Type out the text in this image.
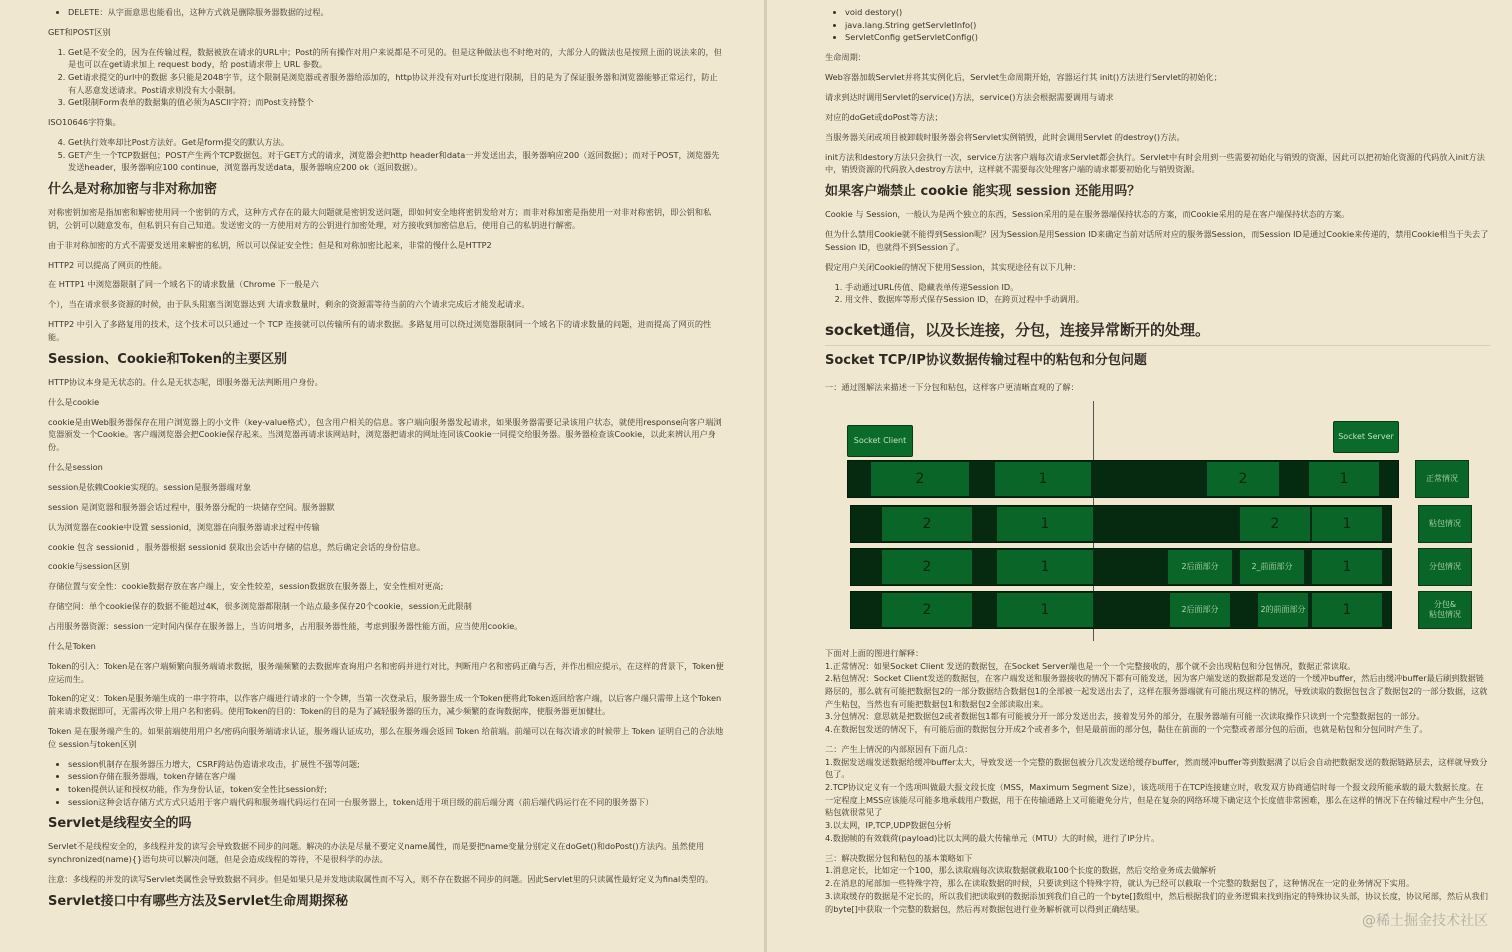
• DELETE：从字面意思也能看出，这种方式就是删除服务器数据的过程。

GET和POST区别

1. Get是不安全的，因为在传输过程，数据被放在请求的URL中；Post的所有操作对用户来说都是不可见的。但是这种做法也不时绝对的，大部分人的做法也是按照上面的说法来的，但是也可以在get请求加上 request body，给 post请求带上 URL 参数。
2. Get请求提交的url中的数据 多只能是2048字节，这个限制是浏览器或者服务器给添加的，http协议并没有对url长度进行限制，目的是为了保证服务器和浏览器能够正常运行，防止有人恶意发送请求。Post请求则没有大小限制。
3. Get限制Form表单的数据集的值必须为ASCII字符；而Post支持整个

ISO10646字符集。

4. Get执行效率却比Post方法好。Get是form提交的默认方法。
5. GET产生一个TCP数据包；POST产生两个TCP数据包。对于GET方式的请求，浏览器会把http header和data一并发送出去，服务器响应200（返回数据）；而对于POST，浏览器先发送header，服务器响应100 continue，浏览器再发送data，服务器响应200 ok（返回数据）。
什么是对称加密与非对称加密

对称密钥加密是指加密和解密使用同一个密钥的方式，这种方式存在的最大问题就是密钥发送问题，即如何安全地将密钥发给对方；而非对称加密是指使用一对非对称密钥，即公钥和私钥，公钥可以随意发布，但私钥只有自己知道。发送密文的一方使用对方的公钥进行加密处理，对方接收到加密信息后，使用自己的私钥进行解密。

由于非对称加密的方式不需要发送用来解密的私钥，所以可以保证安全性；但是和对称加密比起来，非常的慢什么是HTTP2

HTTP2 可以提高了网页的性能。

在 HTTP1 中浏览器限制了同一个域名下的请求数量（Chrome 下一般是六

个），当在请求很多资源的时候，由于队头阻塞当浏览器达到 大请求数量时，剩余的资源需等待当前的六个请求完成后才能发起请求。

HTTP2 中引入了多路复用的技术，这个技术可以只通过一个 TCP 连接就可以传输所有的请求数据。多路复用可以绕过浏览器限制同一个域名下的请求数量的问题，进而提高了网页的性能。

Session、Cookie和Token的主要区别

HTTP协议本身是无状态的。什么是无状态呢，即服务器无法判断用户身份。

什么是cookie

cookie是由Web服务器保存在用户浏览器上的小文件（key-value格式），包含用户相关的信息。客户端向服务器发起请求，如果服务器需要记录该用户状态，就使用response向客户端浏览器颁发一个Cookie。客户端浏览器会把Cookie保存起来。当浏览器再请求该网站时，浏览器把请求的网址连同该Cookie一同提交给服务器。服务器检查该Cookie，以此来辨认用户身份。

什么是session

session是依赖Cookie实现的。session是服务器端对象

session 是浏览器和服务器会话过程中，服务器分配的一块储存空间。服务器默

认为浏览器在cookie中设置 sessionid，浏览器在向服务器请求过程中传输

cookie 包含 sessionid ，服务器根据 sessionid 获取出会话中存储的信息，然后确定会话的身份信息。

cookie与session区别

存储位置与安全性：cookie数据存放在客户端上，安全性较差，session数据放在服务器上，安全性相对更高;

存储空间：单个cookie保存的数据不能超过4K，很多浏览器都限制一个站点最多保存20个cookie，session无此限制

占用服务器资源：session一定时间内保存在服务器上，当访问增多，占用服务器性能，考虑到服务器性能方面，应当使用cookie。

什么是Token

Token的引入：Token是在客户端频繁向服务端请求数据，服务端频繁的去数据库查询用户名和密码并进行对比，判断用户名和密码正确与否，并作出相应提示，在这样的背景下，Token便应运而生。

Token的定义：Token是服务端生成的一串字符串，以作客户端进行请求的一个令牌，当第一次登录后，服务器生成一个Token便将此Token返回给客户端，以后客户端只需带上这个Token前来请求数据即可，无需再次带上用户名和密码。使用Token的目的：Token的目的是为了减轻服务器的压力，减少频繁的查询数据库，使服务器更加健壮。

Token 是在服务端产生的。如果前端使用用户名/密码向服务端请求认证，服务端认证成功，那么在服务端会返回 Token 给前端。前端可以在每次请求的时候带上 Token 证明自己的合法地位 session与token区别

• session机制存在服务器压力增大，CSRF跨站伪造请求攻击，扩展性不强等问题;
• session存储在服务器端，token存储在客户端
• token提供认证和授权功能，作为身份认证，token安全性比session好;
• session这种会话存储方式方式只适用于客户端代码和服务端代码运行在同一台服务器上，token适用于项目级的前后端分离（前后端代码运行在不同的服务器下）
Servlet是线程安全的吗

Servlet不是线程安全的，多线程并发的读写会导致数据不同步的问题。解决的办法是尽量不要定义name属性，而是要把name变量分别定义在doGet()和doPost()方法内。虽然使用synchronized(name){}语句块可以解决问题，但是会造成线程的等待，不是很科学的办法。

注意：多线程的并发的读写Servlet类属性会导致数据不同步。但是如果只是并发地读取属性而不写入，则不存在数据不同步的问题。因此Servlet里的只读属性最好定义为final类型的。

Servlet接口中有哪些方法及Servlet生命周期探秘
• void destory()
• java.lang.String getServletInfo()
• ServletConfig getServletConfig()

生命周期：

Web容器加载Servlet并将其实例化后，Servlet生命周期开始，容器运行其 init()方法进行Servlet的初始化；

请求到达时调用Servlet的service()方法，service()方法会根据需要调用与请求

对应的doGet或doPost等方法；

当服务器关闭或项目被卸载时服务器会将Servlet实例销毁，此时会调用Servlet 的destroy()方法。

init方法和destory方法只会执行一次，service方法客户端每次请求Servlet都会执行。Servlet中有时会用到一些需要初始化与销毁的资源，因此可以把初始化资源的代码放入init方法中，销毁资源的代码放入destroy方法中，这样就不需要每次处理客户端的请求都要初始化与销毁资源。

如果客户端禁止 cookie 能实现 session 还能用吗？

Cookie 与 Session，一般认为是两个独立的东西，Session采用的是在服务器端保持状态的方案，而Cookie采用的是在客户端保持状态的方案。

但为什么禁用Cookie就不能得到Session呢？因为Session是用Session ID来确定当前对话所对应的服务器Session，而Session ID是通过Cookie来传递的，禁用Cookie相当于失去了Session ID，也就得不到Session了。

假定用户关闭Cookie的情况下使用Session，其实现途径有以下几种：

1. 手动通过URL传值、隐藏表单传递Session ID。
2. 用文件、数据库等形式保存Session ID，在跨页过程中手动调用。
socket通信，以及长连接，分包，连接异常断开的处理。
Socket TCP/IP协议数据传输过程中的粘包和分包问题

一：通过图解法来描述一下分包和粘包，这样客户更清晰直观的了解：

Socket Client	Socket Server
2	1	2	1	正常情况
2	1	2	1	粘包情况
2	1	2后面部分	2_前面部分	1	分包情况
2	1	2后面部分	2的前面部分	1	分包&
粘包情况

下面对上面的图进行解释：

1.正常情况：如果Socket Client 发送的数据包，在Socket Server端也是一个一个完整接收的，那个就不会出现粘包和分包情况，数据正常读取。

2.粘包情况：Socket Client发送的数据包，在客户端发送和服务器接收的情况下都有可能发送，因为客户端发送的数据都是发送的一个缓冲buffer，然后由缓冲buffer最后刷到数据链路层的，那么就有可能把数据包2的一部分数据结合数据包1的全部被一起发送出去了，这样在服务器端就有可能出现这样的情况，导致读取的数据包包含了数据包2的一部分数据，这就产生粘包，当然也有可能把数据包1和数据包2全部读取出来。

3.分包情况：意思就是把数据包2或者数据包1都有可能被分开一部分发送出去，接着发另外的部分，在服务器端有可能一次读取操作只读到一个完整数据包的一部分。

4.在数据包发送的情况下，有可能后面的数据包分开成2个或者多个，但是最前面的部分包，黏住在前面的一个完整或者部分包的后面，也就是粘包和分包同时产生了。

二：产生上情况的内部原因有下面几点：

1.数据发送端发送数据给缓冲buffer太大，导致发送一个完整的数据包被分几次发送给缓存buffer，然而缓冲buffer等到数据满了以后会自动把数据发送的数据链路层去，这样就导致分包了。

2.TCP协议定义有一个选项叫做最大报文段长度（MSS，Maximum Segment Size），该选项用于在TCP连接建立时，收发双方协商通信时每一个报文段所能承载的最大数据长度。在一定程度上MSS应该能尽可能多地承载用户数据，用于在传输通路上又可能避免分片，但是在复杂的网络环境下确定这个长度值非常困难，那么在这样的情况下在传输过程中产生分包，粘包就很常见了

3.以太网，IP,TCP,UDP数据包分析

4.数据帧的有效载荷(payload)比以太网的最大传输单元（MTU）大的时候，进行了IP分片。

三：解决数据分包和粘包的基本策略如下

1.消息定长，比如定一个100，那么读取端每次读取数据就截取100个长度的数据，然后交给业务成去做解析

2.在消息的尾部加一些特殊字符，那么在读取数据的时候，只要读到这个特殊字符，就认为已经可以截取一个完整的数据包了，这种情况在一定的业务情况下实用。

3.读取缓存的数据是不定长的，所以我们把读取到的数据添加到我们自己的一个byte[]数组中，然后根据我们的业务逻辑来找到指定的特殊协议头部，协议长度，协议尾部，然后从我们的byte[]中获取一个完整的数据包，然后再对数据包进行业务解析就可以得到正确结果。

@稀土掘金技术社区
